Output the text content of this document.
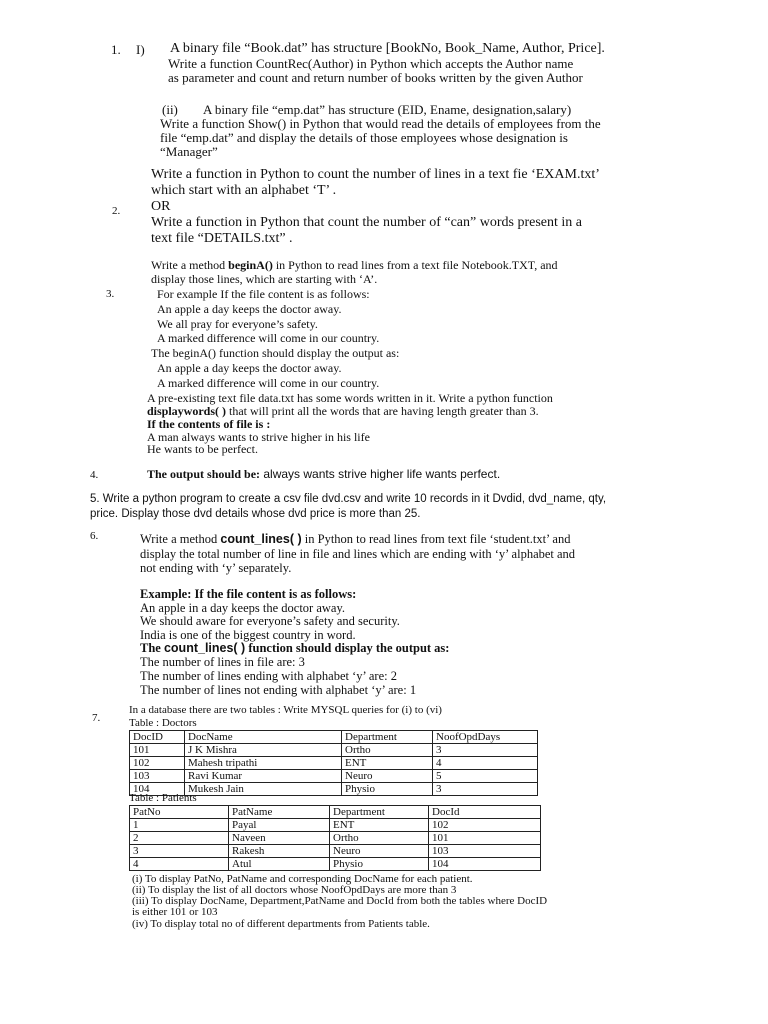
1. I) A binary file “Book.dat” has structure [BookNo, Book_Name, Author, Price].
Write a function CountRec(Author) in Python which accepts the Author name
as parameter and count and return number of books written by the given Author
(ii) A binary file “emp.dat” has structure (EID, Ename, designation,salary)
Write a function Show() in Python that would read the details of employees from the
file “emp.dat” and display the details of those employees whose designation is
“Manager”
Write a function in Python to count the number of lines in a text fie ‘EXAM.txt’
which start with an alphabet ‘T’ .
OR
2.
Write a function in Python that count the number of “can” words present in a
text file “DETAILS.txt” .
Write a method beginA() in Python to read lines from a text file Notebook.TXT, and
display those lines, which are starting with ‘A’.
3.	For example If the file content is as follows:
An apple a day keeps the doctor away.
We all pray for everyone’s safety.
A marked difference will come in our country.
The beginA() function should display the output as:
An apple a day keeps the doctor away.
A marked difference will come in our country.
A pre-existing text file data.txt has some words written in it. Write a python function
displaywords( ) that will print all the words that are having length greater than 3.
If the contents of file is :
A man always wants to strive higher in his life
He wants to be perfect.
4.	The output should be: always wants strive higher life wants perfect.
5. Write a python program to create a csv file dvd.csv and write 10 records in it Dvdid, dvd_name, qty,
price. Display those dvd details whose dvd price is more than 25.
6.	Write a method count_lines( ) in Python to read lines from text file ‘student.txt’ and
display the total number of line in file and lines which are ending with ‘y’ alphabet and
not ending with ‘y’ separately.
Example: If the file content is as follows:
An apple in a day keeps the doctor away.
We should aware for everyone’s safety and security.
India is one of the biggest country in word.
The count_lines( ) function should display the output as:
The number of lines in file are: 3
The number of lines ending with alphabet ‘y’ are: 2
The number of lines not ending with alphabet ‘y’ are: 1
7.
In a database there are two tables : Write MYSQL queries for (i) to (vi)
Table : Doctors
DocID	DocName	Department	NoofOpdDays
101	J K Mishra	Ortho	3
102	Mahesh tripathi	ENT	4
103	Ravi Kumar	Neuro	5
104	Mukesh Jain	Physio	3
Table : Patients
PatNo	PatName	Department	DocId
1	Payal	ENT	102
2	Naveen	Ortho	101
3	Rakesh	Neuro	103
4	Atul	Physio	104
(i) To display PatNo, PatName and corresponding DocName for each patient.
(ii) To display the list of all doctors whose NoofOpdDays are more than 3
(iii) To display DocName, Department,PatName and DocId from both the tables where DocID
is either 101 or 103
(iv) To display total no of different departments from Patients table.
